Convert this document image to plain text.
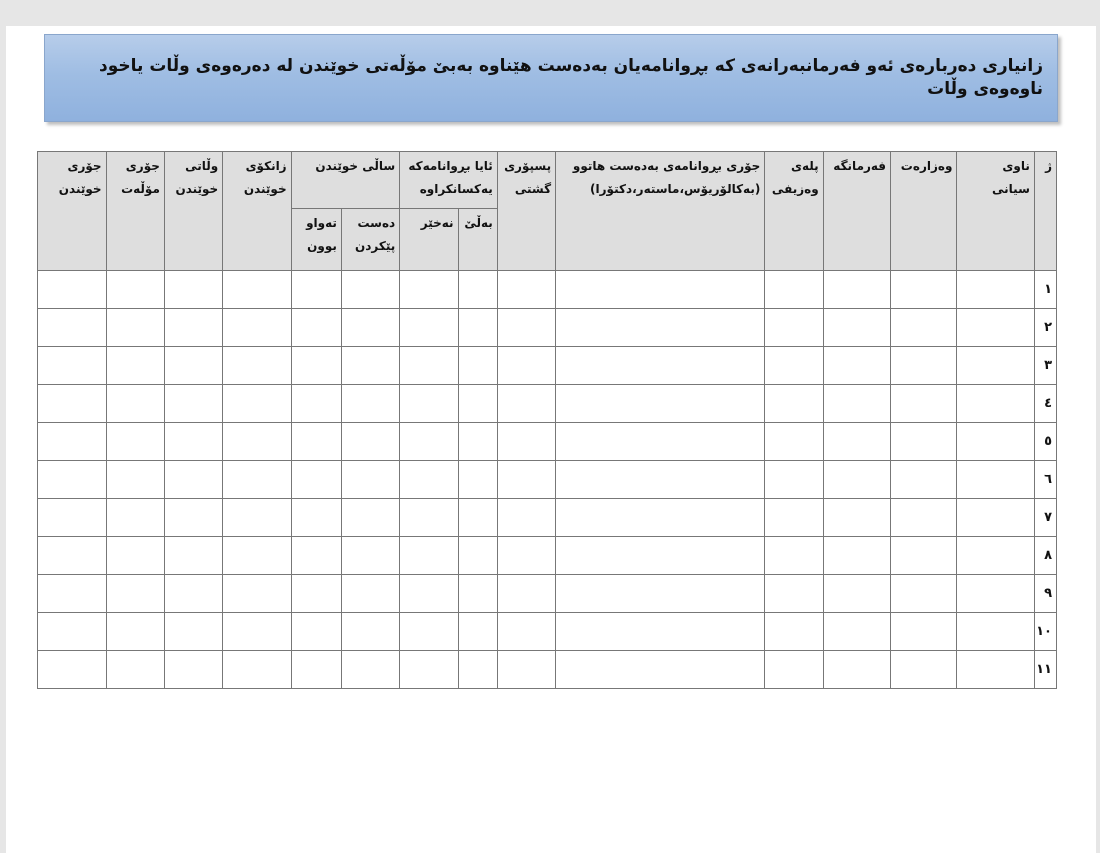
زانیاری دەربارەی ئەو فەرمانبەرانەی کە بڕوانامەیان بەدەست هێناوە بەبێ مۆڵەتی خوێندن لە دەرەوەی وڵات یاخود ناوەوەی وڵات
ژ	ناوی سیانی	وەزارەت	فەرمانگە	پلەی وەزیفی	جۆری بڕوانامەی بەدەست هاتوو (بەکالۆریۆس،ماستەر،دکتۆرا)	پسپۆری گشتی	ئایا بڕوانامەکە یەکسانکراوە		ساڵی خوێندن		زانکۆی خوێندن	وڵاتی خوێندن	جۆری مۆڵەت	جۆری خوێندن
							بەڵێ	نەخێر	دەست پێکردن	تەواو بوون				
١														
٢														
٣														
٤														
٥														
٦														
٧														
٨														
٩														
١٠														
١١														
